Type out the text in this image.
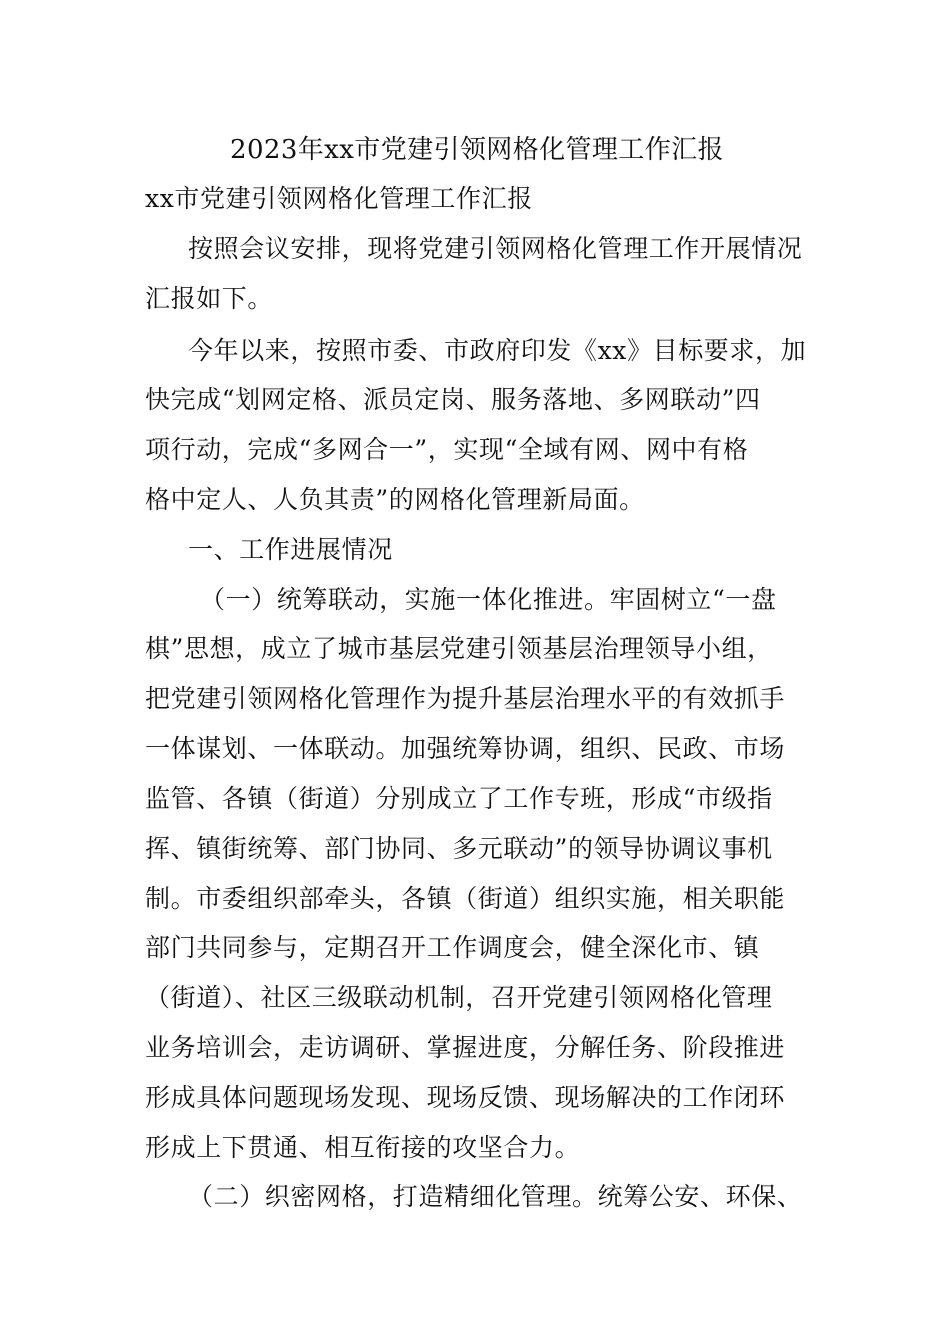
2023年xx市党建引领网格化管理工作汇报
xx市党建引领网格化管理工作汇报
按照会议安排，现将党建引领网格化管理工作开展情况
汇报如下。
今年以来，按照市委、市政府印发《xx》目标要求，加
快完成“划网定格、派员定岗、服务落地、多网联动”四
项行动，完成“多网合一”，实现“全域有网、网中有格
格中定人、人负其责”的网格化管理新局面。
一、工作进展情况
（一）统筹联动，实施一体化推进。牢固树立“一盘
棋”思想，成立了城市基层党建引领基层治理领导小组，
把党建引领网格化管理作为提升基层治理水平的有效抓手
一体谋划、一体联动。加强统筹协调，组织、民政、市场
监管、各镇（街道）分别成立了工作专班，形成“市级指
挥、镇街统筹、部门协同、多元联动”的领导协调议事机
制。市委组织部牵头，各镇（街道）组织实施，相关职能
部门共同参与，定期召开工作调度会，健全深化市、镇
（街道）、社区三级联动机制，召开党建引领网格化管理
业务培训会，走访调研、掌握进度，分解任务、阶段推进
形成具体问题现场发现、现场反馈、现场解决的工作闭环
形成上下贯通、相互衔接的攻坚合力。
（二）织密网格，打造精细化管理。统筹公安、环保、
